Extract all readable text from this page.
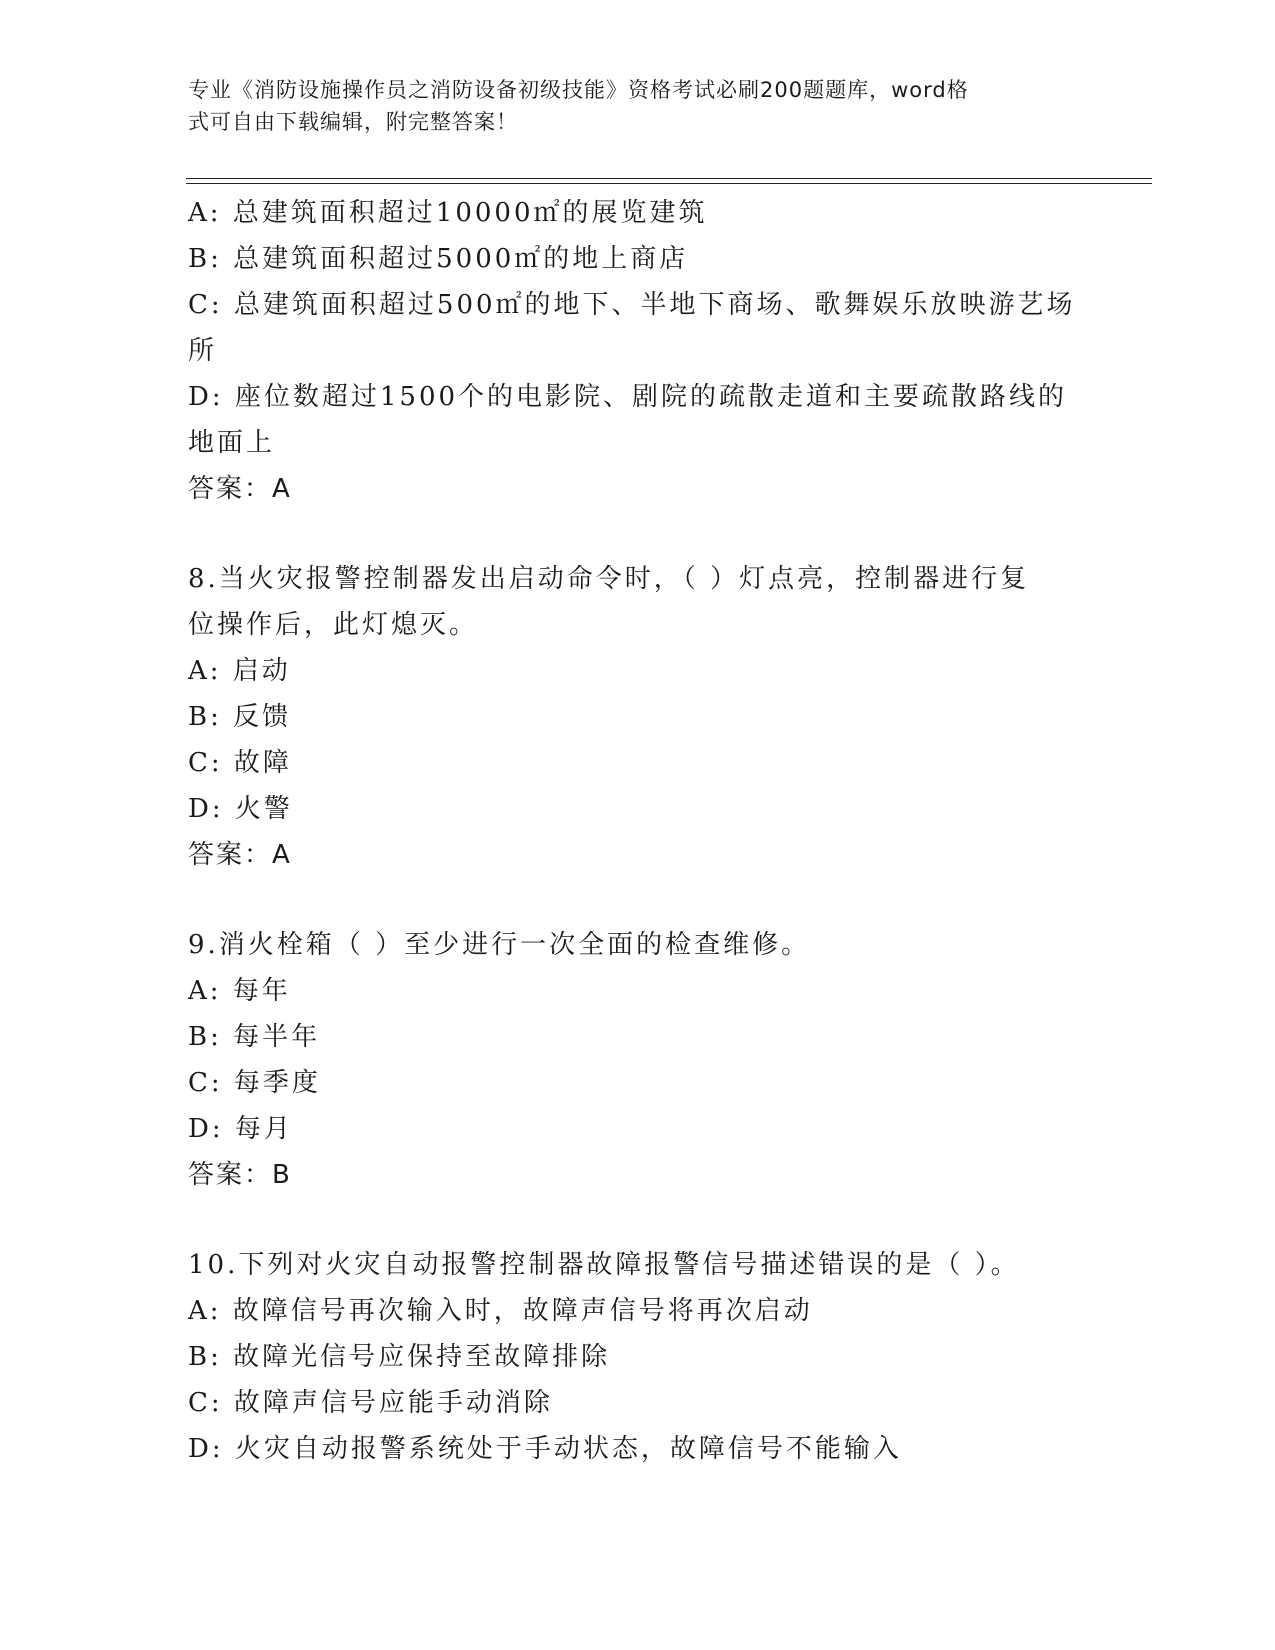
专业《消防设施操作员之消防设备初级技能》资格考试必刷200题题库，word格
式可自由下载编辑，附完整答案！
A: 总建筑面积超过10000㎡的展览建筑
B: 总建筑面积超过5000㎡的地上商店
C: 总建筑面积超过500㎡的地下、半地下商场、歌舞娱乐放映游艺场
所
D: 座位数超过1500个的电影院、剧院的疏散走道和主要疏散路线的
地面上
答案：A
8.当火灾报警控制器发出启动命令时，（ ）灯点亮，控制器进行复
位操作后，此灯熄灭。
A: 启动
B: 反馈
C: 故障
D: 火警
答案：A
9.消火栓箱（ ）至少进行一次全面的检查维修。
A: 每年
B: 每半年
C: 每季度
D: 每月
答案：B
10.下列对火灾自动报警控制器故障报警信号描述错误的是（ ）。
A: 故障信号再次输入时，故障声信号将再次启动
B: 故障光信号应保持至故障排除
C: 故障声信号应能手动消除
D: 火灾自动报警系统处于手动状态，故障信号不能输入
